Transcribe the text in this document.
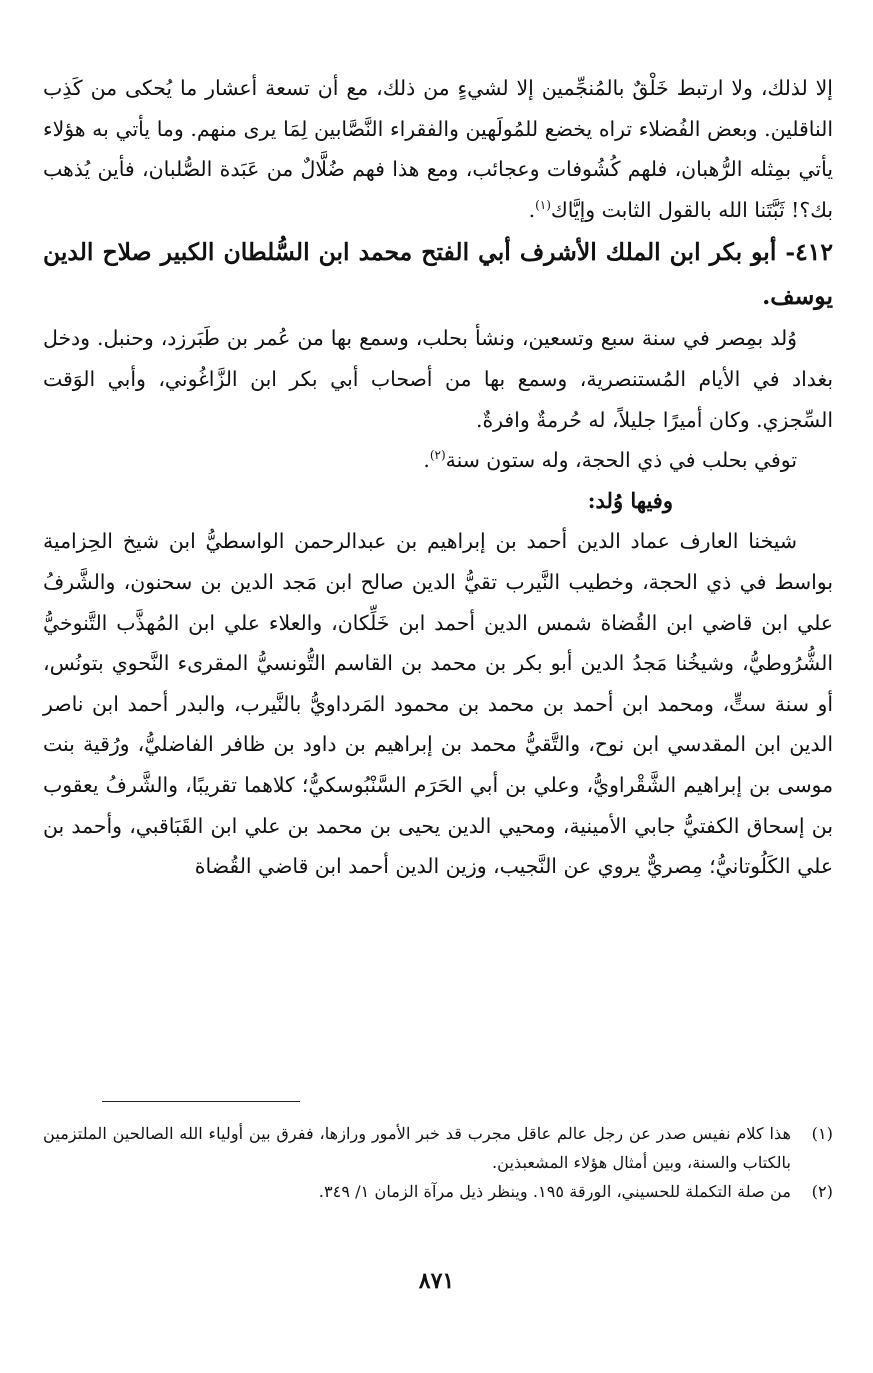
إلا لذلك، ولا ارتبط خَلْقٌ بالمُنجِّمين إلا لشيءٍ من ذلك، مع أن تسعة أعشار ما يُحكى من كَذِب الناقلين. وبعض الفُضلاء تراه يخضع للمُولَهين والفقراء النَّصَّابين لِمَا يرى منهم. وما يأتي به هؤلاء يأتي بمِثله الرُّهبان، فلهم كُشُوفات وعجائب، ومع هذا فهم ضُلَّالٌ من عَبَدة الصُّلبان، فأين يُذهب بك؟! ثَبَّتَنا الله بالقول الثابت وإيَّاك$^{(١)}$.

٤١٢- أبو بكر ابن الملك الأشرف أبي الفتح محمد ابن السُّلطان الكبير صلاح الدين يوسف.

وُلد بمِصر في سنة سبع وتسعين، ونشأ بحلب، وسمع بها من عُمر بن طَبَرزد، وحنبل. ودخل بغداد في الأيام المُستنصرية، وسمع بها من أصحاب أبي بكر ابن الزَّاغُوني، وأبي الوَقت السِّجزي. وكان أميرًا جليلاً، له حُرمةٌ وافرةٌ.

توفي بحلب في ذي الحجة، وله ستون سنة$^{(٢)}$.

وفيها وُلد:

شيخنا العارف عماد الدين أحمد بن إبراهيم بن عبدالرحمن الواسطيُّ ابن شيخ الحِزامية بواسط في ذي الحجة، وخطيب النَّيرب تقيُّ الدين صالح ابن مَجد الدين بن سحنون، والشَّرفُ علي ابن قاضي ابن القُضاة شمس الدين أحمد ابن خَلِّكان، والعلاء علي ابن المُهذَّب التَّنوخيُّ الشُّرُوطيُّ، وشيخُنا مَجدُ الدين أبو بكر بن محمد بن القاسم التُّونسيُّ المقرىء النَّحوي بتونُس، أو سنة ستٍّ، ومحمد ابن أحمد بن محمد بن محمود المَرداويُّ بالنَّيرب، والبدر أحمد ابن ناصر الدين ابن المقدسي ابن نوح، والتَّقيُّ محمد بن إبراهيم بن داود بن ظافر الفاضليُّ، ورُقية بنت موسى بن إبراهيم الشَّقْراويُّ، وعلي بن أبي الحَرَم السَّنْبُوسكيُّ؛ كلاهما تقريبًا، والشَّرفُ يعقوب بن إسحاق الكفتيُّ جابي الأمينية، ومحيي الدين يحيى بن محمد بن علي ابن القَبَاقبي، وأحمد بن علي الكَلُوتانيُّ؛ مِصريٌّ يروي عن النَّجيب، وزين الدين أحمد ابن قاضي القُضاة

(١)
هذا كلام نفيس صدر عن رجل عالم عاقل مجرب قد خبر الأمور ورازها، ففرق بين أولياء الله الصالحين الملتزمين بالكتاب والسنة، وبين أمثال هؤلاء المشعبذين.
(٢)
من صلة التكملة للحسيني، الورقة ١٩٥. وينظر ذيل مرآة الزمان ١/ ٣٤٩.
٨٧١
